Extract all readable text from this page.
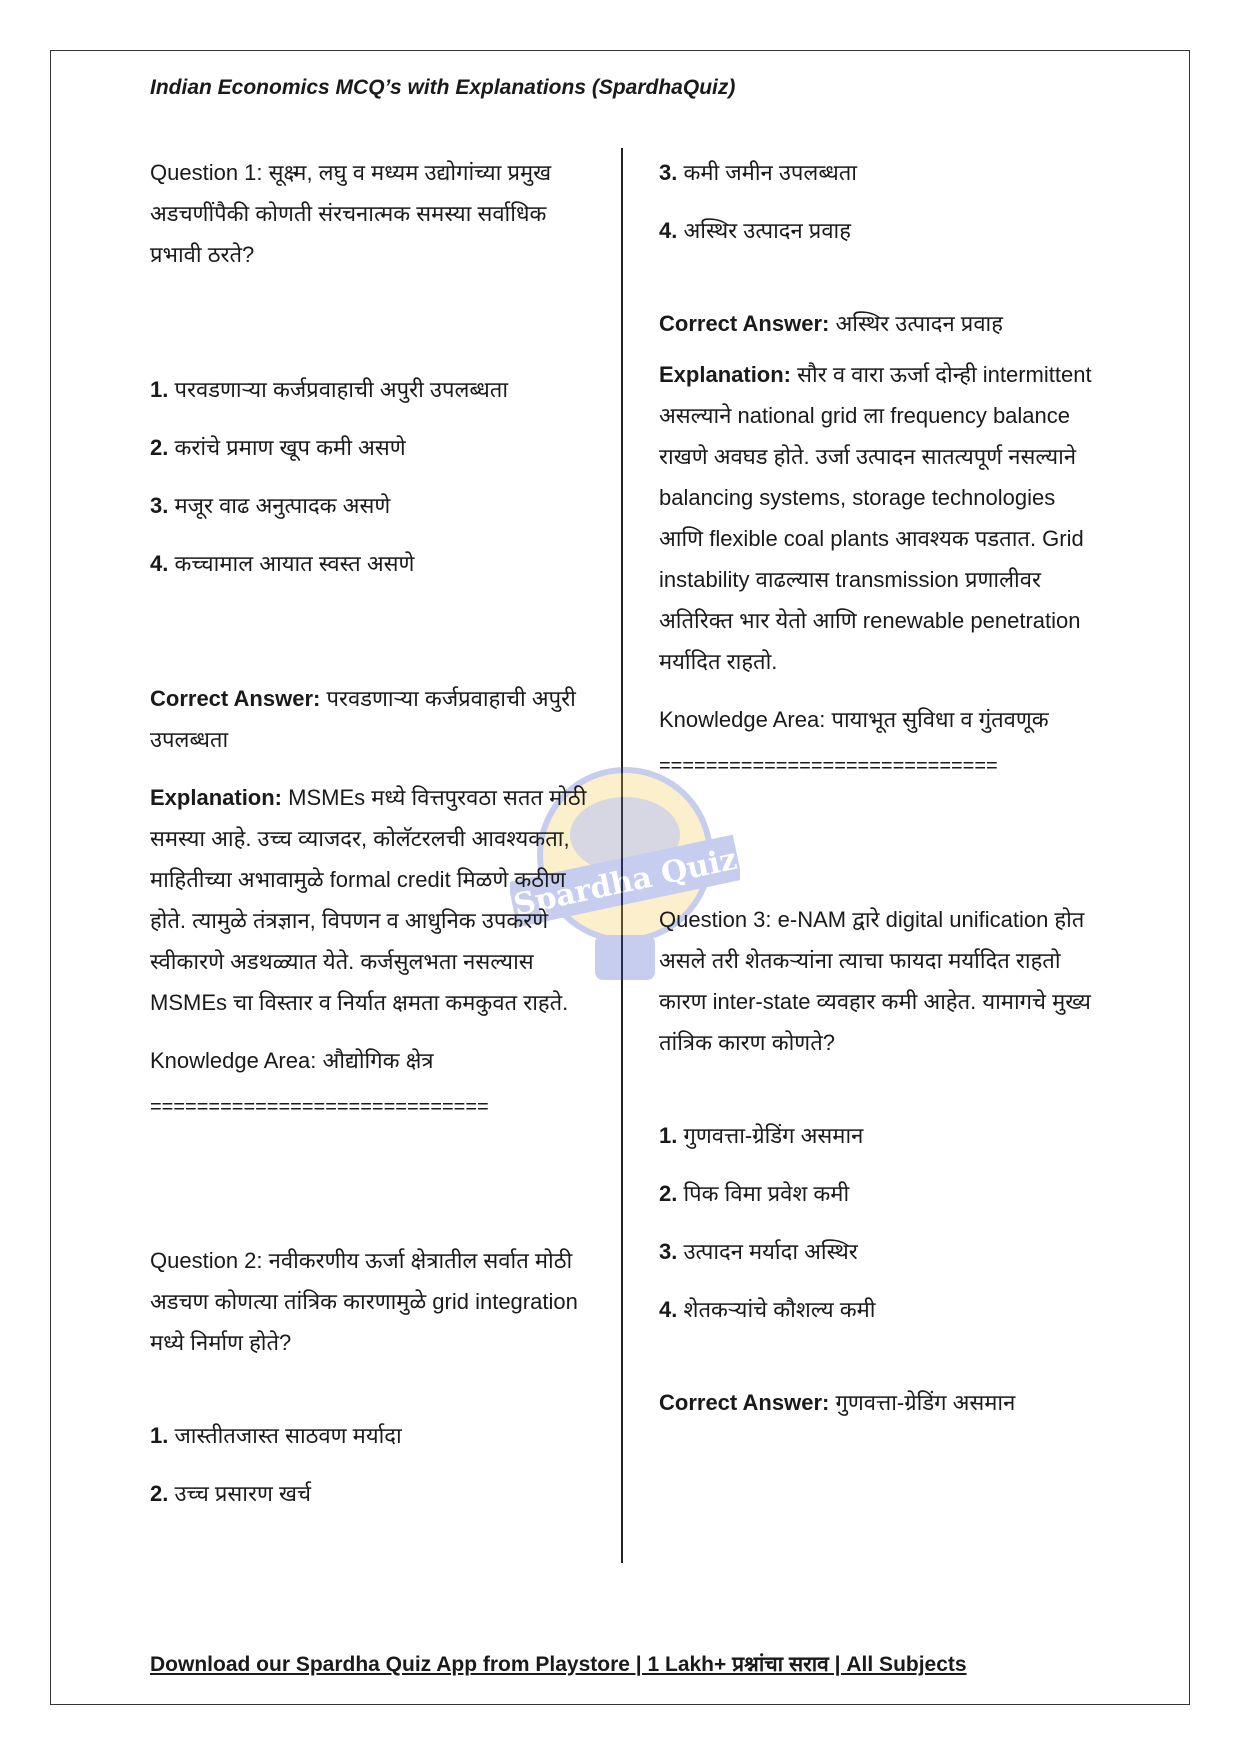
Indian Economics MCQ’s with Explanations (SpardhaQuiz)
Spardha Quiz

Question 1: सूक्ष्म, लघु व मध्यम उद्योगांच्या प्रमुख अडचणींपैकी कोणती संरचनात्मक समस्या सर्वाधिक प्रभावी ठरते?

1. परवडणाऱ्या कर्जप्रवाहाची अपुरी उपलब्धता

2. करांचे प्रमाण खूप कमी असणे

3. मजूर वाढ अनुत्पादक असणे

4. कच्चामाल आयात स्वस्त असणे

Correct Answer: परवडणाऱ्या कर्जप्रवाहाची अपुरी उपलब्धता

Explanation: MSMEs मध्ये वित्तपुरवठा सतत मोठी समस्या आहे. उच्च व्याजदर, कोलॅटरलची आवश्यकता, माहितीच्या अभावामुळे formal credit मिळणे कठीण होते. त्यामुळे तंत्रज्ञान, विपणन व आधुनिक उपकरणे स्वीकारणे अडथळ्यात येते. कर्जसुलभता नसल्यास MSMEs चा विस्तार व निर्यात क्षमता कमकुवत राहते.

Knowledge Area: औद्योगिक क्षेत्र

=============================

Question 2: नवीकरणीय ऊर्जा क्षेत्रातील सर्वात मोठी अडचण कोणत्या तांत्रिक कारणामुळे grid integration मध्ये निर्माण होते?

1. जास्तीतजास्त साठवण मर्यादा

2. उच्च प्रसारण खर्च

3. कमी जमीन उपलब्धता

4. अस्थिर उत्पादन प्रवाह

Correct Answer: अस्थिर उत्पादन प्रवाह

Explanation: सौर व वारा ऊर्जा दोन्ही intermittent असल्याने national grid ला frequency balance राखणे अवघड होते. उर्जा उत्पादन सातत्यपूर्ण नसल्याने balancing systems, storage technologies आणि flexible coal plants आवश्यक पडतात. Grid instability वाढल्यास transmission प्रणालीवर अतिरिक्त भार येतो आणि renewable penetration मर्यादित राहतो.

Knowledge Area: पायाभूत सुविधा व गुंतवणूक

=============================

Question 3: e-NAM द्वारे digital unification होत असले तरी शेतकऱ्यांना त्याचा फायदा मर्यादित राहतो कारण inter-state व्यवहार कमी आहेत. यामागचे मुख्य तांत्रिक कारण कोणते?

1. गुणवत्ता-ग्रेडिंग असमान

2. पिक विमा प्रवेश कमी

3. उत्पादन मर्यादा अस्थिर

4. शेतकऱ्यांचे कौशल्य कमी

Correct Answer: गुणवत्ता-ग्रेडिंग असमान

Download our Spardha Quiz App from Playstore | 1 Lakh+ प्रश्नांचा सराव | All Subjects
